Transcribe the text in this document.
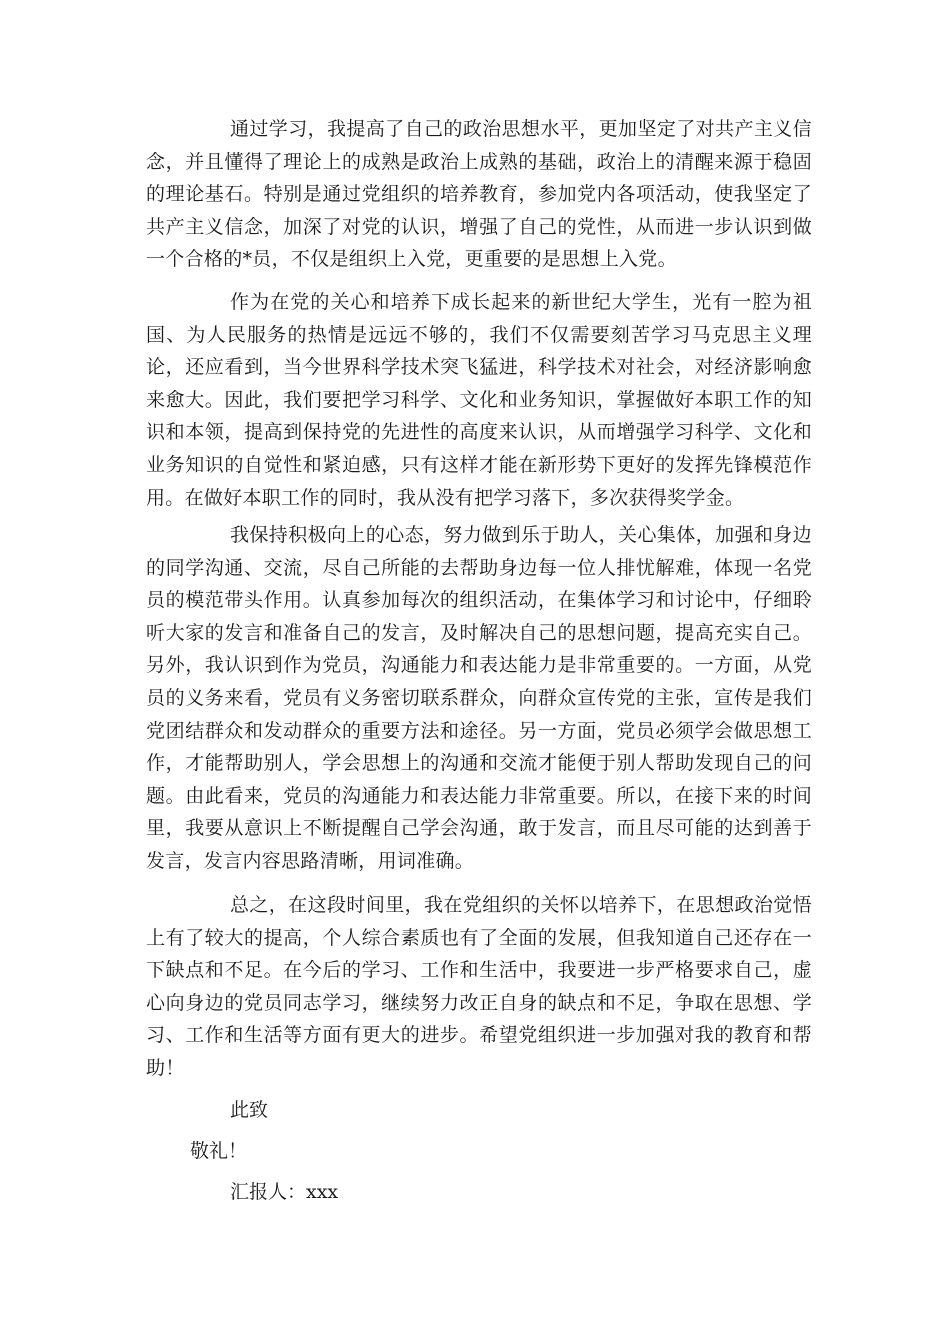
通过学习，我提高了自己的政治思想水平，更加坚定了对共产主义信念，并且懂得了理论上的成熟是政治上成熟的基础，政治上的清醒来源于稳固的理论基石。特别是通过党组织的培养教育，参加党内各项活动，使我坚定了共产主义信念，加深了对党的认识，增强了自己的党性，从而进一步认识到做一个合格的*员，不仅是组织上入党，更重要的是思想上入党。

作为在党的关心和培养下成长起来的新世纪大学生，光有一腔为祖国、为人民服务的热情是远远不够的，我们不仅需要刻苦学习马克思主义理论，还应看到，当今世界科学技术突飞猛进，科学技术对社会，对经济影响愈来愈大。因此，我们要把学习科学、文化和业务知识，掌握做好本职工作的知识和本领，提高到保持党的先进性的高度来认识，从而增强学习科学、文化和业务知识的自觉性和紧迫感，只有这样才能在新形势下更好的发挥先锋模范作用。在做好本职工作的同时，我从没有把学习落下，多次获得奖学金。

我保持积极向上的心态，努力做到乐于助人，关心集体，加强和身边的同学沟通、交流，尽自己所能的去帮助身边每一位人排忧解难，体现一名党员的模范带头作用。认真参加每次的组织活动，在集体学习和讨论中，仔细聆听大家的发言和准备自己的发言，及时解决自己的思想问题，提高充实自己。另外，我认识到作为党员，沟通能力和表达能力是非常重要的。一方面，从党员的义务来看，党员有义务密切联系群众，向群众宣传党的主张，宣传是我们党团结群众和发动群众的重要方法和途径。另一方面，党员必须学会做思想工作，才能帮助别人，学会思想上的沟通和交流才能便于别人帮助发现自己的问题。由此看来，党员的沟通能力和表达能力非常重要。所以，在接下来的时间里，我要从意识上不断提醒自己学会沟通，敢于发言，而且尽可能的达到善于发言，发言内容思路清晰，用词准确。

总之，在这段时间里，我在党组织的关怀以培养下，在思想政治觉悟上有了较大的提高，个人综合素质也有了全面的发展，但我知道自己还存在一下缺点和不足。在今后的学习、工作和生活中，我要进一步严格要求自己，虚心向身边的党员同志学习，继续努力改正自身的缺点和不足，争取在思想、学习、工作和生活等方面有更大的进步。希望党组织进一步加强对我的教育和帮助！

此致

敬礼！

汇报人：xxx
